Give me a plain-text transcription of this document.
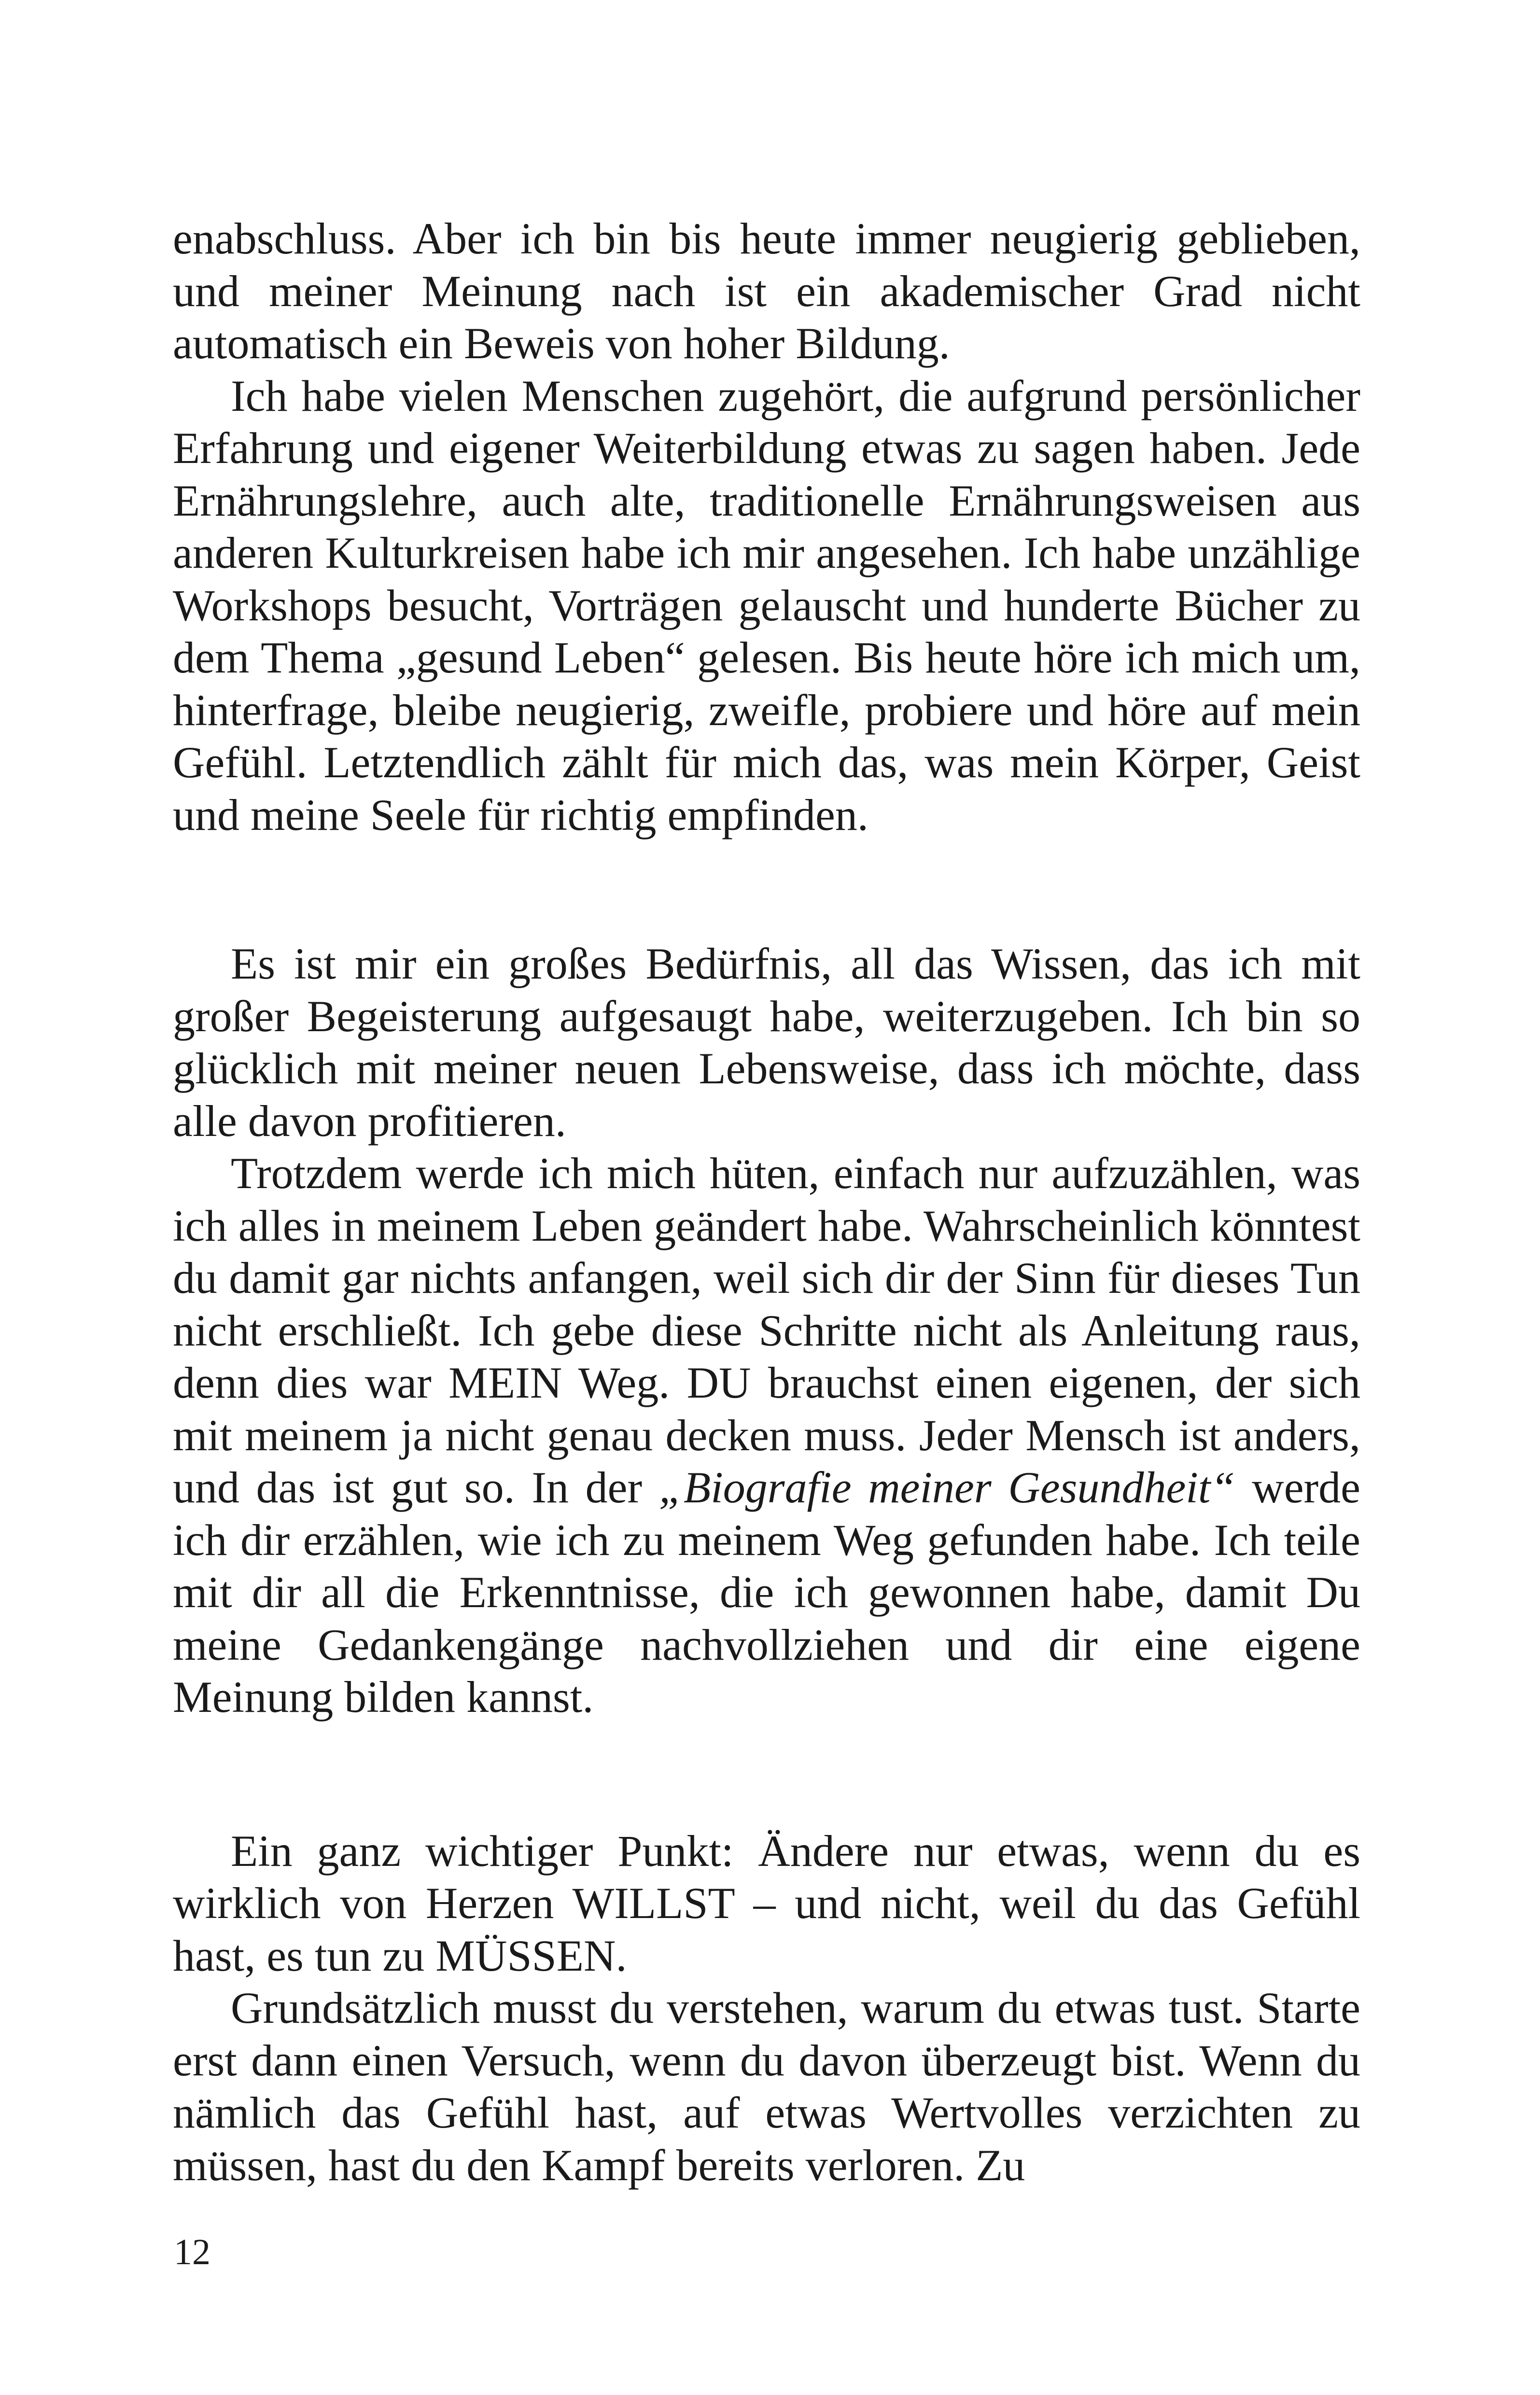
enabschluss. Aber ich bin bis heute immer neugierig geblieben, und meiner Meinung nach ist ein akademischer Grad nicht automatisch ein Beweis von hoher Bildung.

Ich habe vielen Menschen zugehört, die aufgrund persönlicher Erfahrung und eigener Weiterbildung etwas zu sagen haben. Jede Ernährungslehre, auch alte, traditionelle Ernährungsweisen aus anderen Kulturkreisen habe ich mir angesehen. Ich habe unzählige Workshops besucht, Vorträgen gelauscht und hunderte Bücher zu dem Thema „gesund Leben“ gelesen. Bis heute höre ich mich um, hinterfrage, bleibe neugierig, zweifle, probiere und höre auf mein Gefühl. Letztendlich zählt für mich das, was mein Körper, Geist und meine Seele für richtig empfinden.

Es ist mir ein großes Bedürfnis, all das Wissen, das ich mit großer Begeisterung aufgesaugt habe, weiterzugeben. Ich bin so glücklich mit meiner neuen Lebensweise, dass ich möchte, dass alle davon profitieren.

Trotzdem werde ich mich hüten, einfach nur aufzuzählen, was ich alles in meinem Leben geändert habe. Wahrscheinlich könntest du damit gar nichts anfangen, weil sich dir der Sinn für dieses Tun nicht erschließt. Ich gebe diese Schritte nicht als Anleitung raus, denn dies war MEIN Weg. DU brauchst einen eigenen, der sich mit meinem ja nicht genau decken muss. Jeder Mensch ist anders, und das ist gut so. In der „Biografie meiner Gesundheit“ werde ich dir erzählen, wie ich zu meinem Weg gefunden habe. Ich teile mit dir all die Erkenntnisse, die ich gewonnen habe, damit Du meine Gedankengänge nachvollziehen und dir eine eigene Meinung bilden kannst.

Ein ganz wichtiger Punkt: Ändere nur etwas, wenn du es wirklich von Herzen WILLST – und nicht, weil du das Gefühl hast, es tun zu MÜSSEN.

Grundsätzlich musst du verstehen, warum du etwas tust. Starte erst dann einen Versuch, wenn du davon überzeugt bist. Wenn du nämlich das Gefühl hast, auf etwas Wertvolles verzichten zu müssen, hast du den Kampf bereits verloren. Zu

12
